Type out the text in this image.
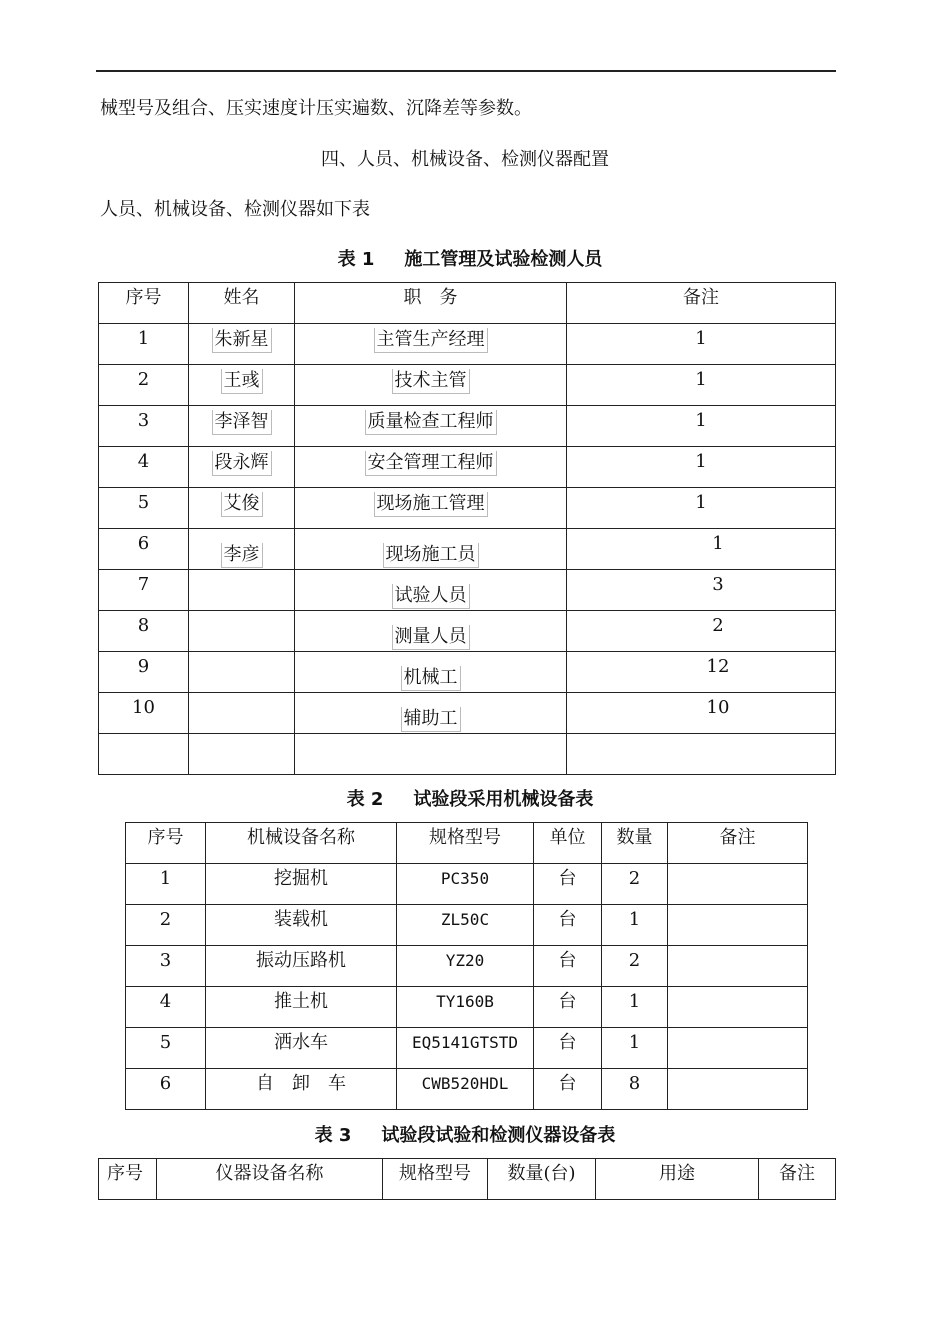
械型号及组合、压实速度计压实遍数、沉降差等参数。
四、人员、机械设备、检测仪器配置
人员、机械设备、检测仪器如下表
表 1 施工管理及试验检测人员
序号	姓名	职　务	备注
1	朱新星	主管生产经理	1
2	王彧	技术主管	1
3	李泽智	质量检查工程师	1
4	段永辉	安全管理工程师	1
5	艾俊	现场施工管理	1
6	李彦	现场施工员	1
7		试验人员	3
8		测量人员	2
9		机械工	12
10		辅助工	10

表 2 试验段采用机械设备表
序号	机械设备名称	规格型号	单位	数量	备注
1	挖掘机	PC350	台	2	
2	装载机	ZL50C	台	1	
3	振动压路机	YZ20	台	2	
4	推土机	TY160B	台	1	
5	洒水车	EQ5141GTSTD	台	1	
6	自　卸　车	CWB520HDL	台	8	
表 3 试验段试验和检测仪器设备表
序号	仪器设备名称	规格型号	数量(台)	用途	备注
